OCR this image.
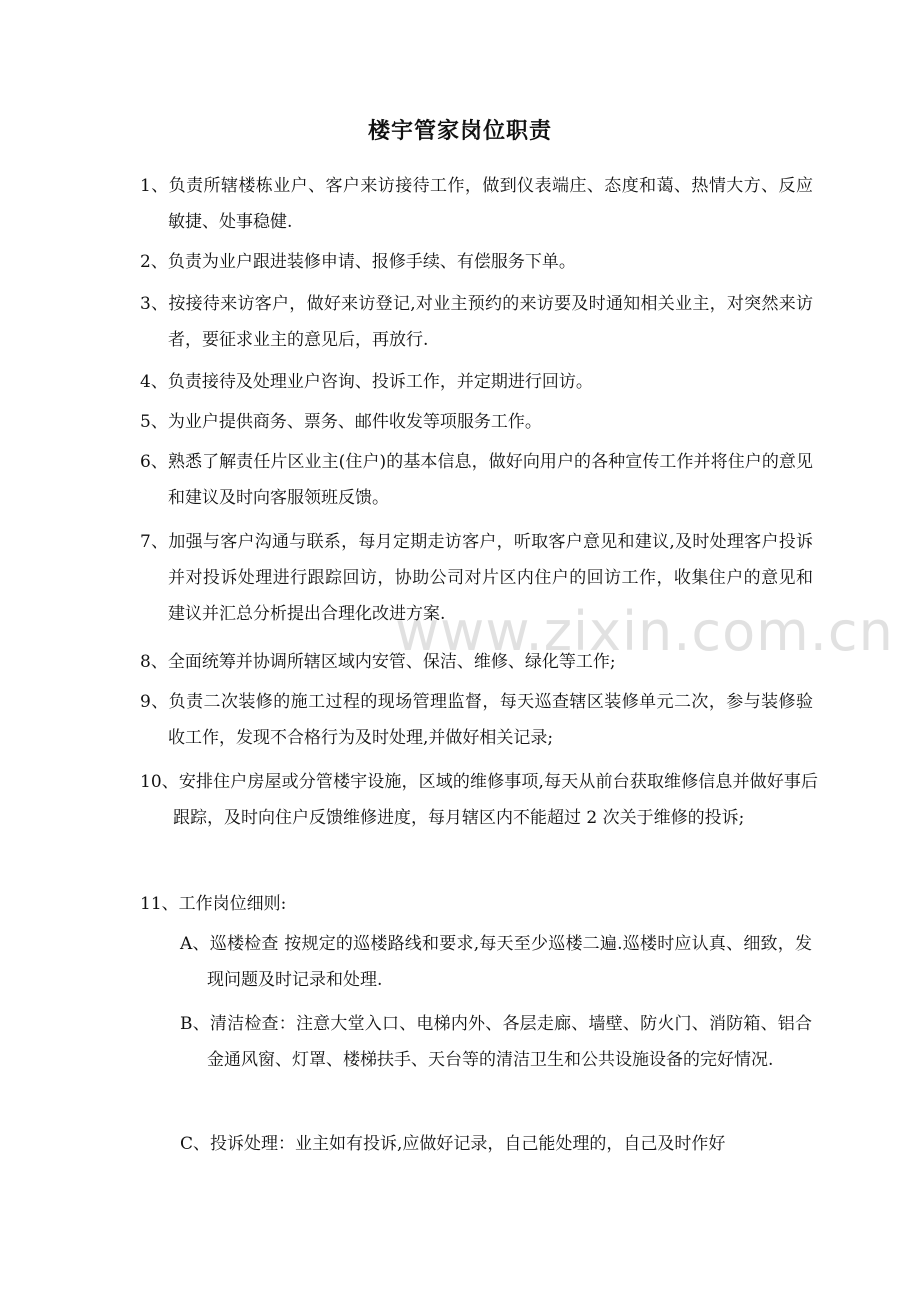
楼宇管家岗位职责
1、负责所辖楼栋业户、客户来访接待工作，做到仪表端庄、态度和蔼、热情大方、反应敏捷、处事稳健.
2、负责为业户跟进装修申请、报修手续、有偿服务下单。
3、按接待来访客户，做好来访登记,对业主预约的来访要及时通知相关业主，对突然来访者，要征求业主的意见后，再放行.
4、负责接待及处理业户咨询、投诉工作，并定期进行回访。
5、为业户提供商务、票务、邮件收发等项服务工作。
6、熟悉了解责任片区业主(住户)的基本信息，做好向用户的各种宣传工作并将住户的意见和建议及时向客服领班反馈。
7、加强与客户沟通与联系，每月定期走访客户，听取客户意见和建议,及时处理客户投诉并对投诉处理进行跟踪回访，协助公司对片区内住户的回访工作，收集住户的意见和建议并汇总分析提出合理化改进方案.
8、全面统筹并协调所辖区域内安管、保洁、维修、绿化等工作;
9、负责二次装修的施工过程的现场管理监督，每天巡查辖区装修单元二次，参与装修验收工作，发现不合格行为及时处理,并做好相关记录;
10、安排住户房屋或分管楼宇设施，区域的维修事项,每天从前台获取维修信息并做好事后跟踪，及时向住户反馈维修进度，每月辖区内不能超过 2 次关于维修的投诉;
11、工作岗位细则:
A、巡楼检查 按规定的巡楼路线和要求,每天至少巡楼二遍.巡楼时应认真、细致，发现问题及时记录和处理.
B、清洁检查：注意大堂入口、电梯内外、各层走廊、墙壁、防火门、消防箱、铝合金通风窗、灯罩、楼梯扶手、天台等的清洁卫生和公共设施设备的完好情况.
C、投诉处理：业主如有投诉,应做好记录，自己能处理的，自己及时作好
www.zixin.com.cn
